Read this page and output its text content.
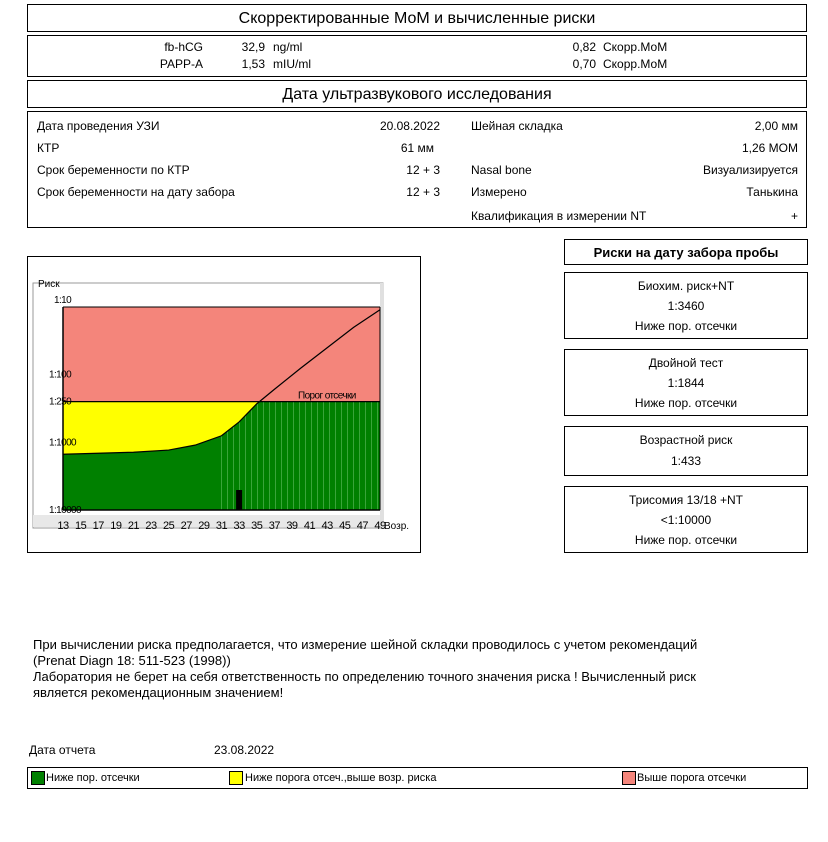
Скорректированные МоМ и вычисленные риски
fb-hCG	32,9 ng/ml	0,82 Скорр.МоМ
PAPP-A	1,53 mIU/ml	0,70 Скорр.МоМ
Дата ультразвукового исследования
Дата проведения УЗИ	20.08.2022
КТР	61 мм
Срок беременности по КТР	12 + 3
Срок беременности на дату забора	12 + 3
Шейная складка	2,00 мм
1,26 МОМ
Nasal bone	Визуализируется
Измерено	Танькина
Квалификация в измерении NT	+
Риск
Возр.
Порог отсечки
1:10
1:100
1:250
1:1000
1:10000
13 15 17 19 21 23 25 27 29 31 33 35 37 39 41 43 45 47 49
Риски на дату забора пробы
Биохим. риск+NT
1:3460
Ниже пор. отсечки
Двойной тест
1:1844
Ниже пор. отсечки
Возрастной риск
1:433
Трисомия 13/18 +NT
<1:10000
Ниже пор. отсечки
При вычислении риска предполагается, что измерение шейной складки проводилось с учетом рекомендаций
(Prenat Diagn 18: 511-523 (1998))
Лаборатория не берет на себя ответственность по определению точного значения риска ! Вычисленный риск
является рекомендационным значением!
Дата отчета	23.08.2022
Ниже пор. отсечки	Ниже порога отсеч.,выше возр. риска	Выше порога отсечки
